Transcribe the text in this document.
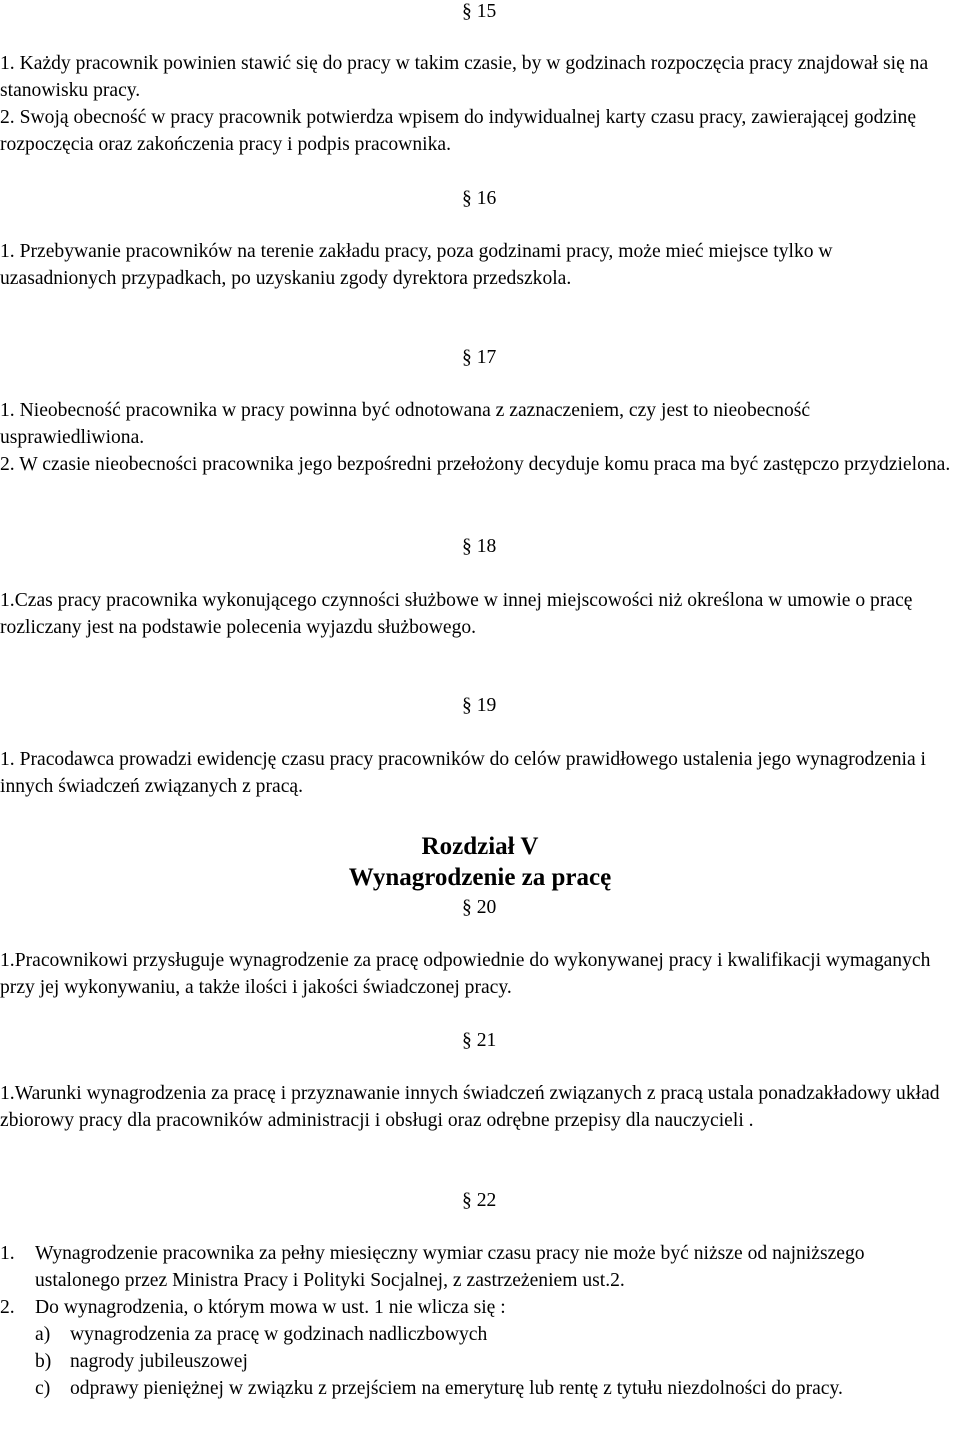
§ 15

1. Każdy pracownik powinien stawić się do pracy w takim czasie, by w godzinach rozpoczęcia pracy znajdował się na stanowisku pracy.

2. Swoją obecność w pracy pracownik potwierdza wpisem do indywidualnej karty czasu pracy, zawierającej godzinę rozpoczęcia oraz zakończenia pracy i podpis pracownika.

§ 16

1. Przebywanie pracowników na terenie zakładu pracy, poza godzinami pracy, może mieć miejsce tylko w uzasadnionych przypadkach, po uzyskaniu zgody dyrektora przedszkola.

§ 17

1. Nieobecność pracownika w pracy powinna być odnotowana z zaznaczeniem, czy jest to nieobecność usprawiedliwiona.

2. W czasie nieobecności pracownika jego bezpośredni przełożony decyduje komu praca ma być zastępczo przydzielona.

§ 18

1.Czas pracy pracownika wykonującego czynności służbowe w innej miejscowości niż określona w umowie o pracę rozliczany jest na podstawie polecenia wyjazdu służbowego.

§ 19

1. Pracodawca prowadzi ewidencję czasu pracy pracowników do celów prawidłowego ustalenia jego wynagrodzenia i innych świadczeń związanych z pracą.

Rozdział V
Wynagrodzenie za pracę
§ 20

1.Pracownikowi przysługuje wynagrodzenie za pracę odpowiednie do wykonywanej pracy i kwalifikacji wymaganych przy jej wykonywaniu, a także ilości i jakości świadczonej pracy.

§ 21

1.Warunki wynagrodzenia za pracę i przyznawanie innych świadczeń związanych z pracą ustala ponadzakładowy układ zbiorowy pracy dla pracowników administracji i obsługi oraz odrębne przepisy dla nauczycieli .

§ 22
1. Wynagrodzenie pracownika za pełny miesięczny wymiar czasu pracy nie może być niższe od najniższego ustalonego przez Ministra Pracy i Polityki Socjalnej, z zastrzeżeniem ust.2.
2. Do wynagrodzenia, o którym mowa w ust. 1 nie wlicza się :
a) wynagrodzenia za pracę w godzinach nadliczbowych
b) nagrody jubileuszowej
c) odprawy pieniężnej w związku z przejściem na emeryturę lub rentę z tytułu niezdolności do pracy.
